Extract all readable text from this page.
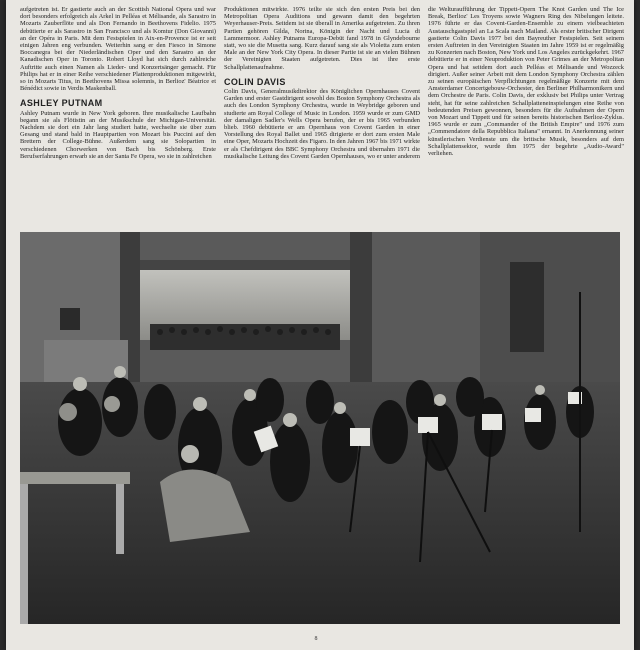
aufgetreten ist. Er gastierte auch an der Scottish National Opera und war dort besonders erfolgreich als Arkel in Pelléas et Mélisande, als Sarastro in Mozarts Zauberflöte und als Don Fernando in Beethovens Fidelio. 1975 debütierte er als Sarastro in San Francisco und als Komtur (Don Giovanni) an der Opéra in Paris. Mit dem Festspielen in Aix-en-Provence ist er seit einigen Jahren eng verbunden. Weiterhin sang er den Fiesco in Simone Boccanegra bei der Niederländischen Oper und den Sarastro an der Kanadischen Oper in Toronto. Robert Lloyd hat sich durch zahlreiche Auftritte auch einen Namen als Lieder- und Konzertsänger gemacht. Für Philips hat er in einer Reihe verschiedener Plattenproduktionen mitgewirkt, so in Mozarts Titus, in Beethovens Missa solemnis, in Berlioz' Béatrice et Bénédict sowie in Verdis Maskenball.

ASHLEY PUTNAM

Ashley Putnam wurde in New York geboren. Ihre musikalische Laufbahn begann sie als Flötistin an der Musikschule der Michigan-Universität. Nachdem sie dort ein Jahr lang studiert hatte, wechselte sie über zum Gesang und stand bald in Hauptpartien von Mozart bis Puccini auf den Brettern der College-Bühne. Außerdem sang sie Solopartien in verschiedenen Chorwerken von Bach bis Schönberg. Erste Berufserfahrungen erwarb sie an der Santa Fe Opera, wo sie in zahlreichen

Produktionen mitwirkte. 1976 teilte sie sich den ersten Preis bei den Metropolitan Opera Auditions und gewann damit den begehrten Weyerhauser-Preis. Seitdem ist sie überall in Amerika aufgetreten. Zu ihren Partien gehören Gilda, Norina, Königin der Nacht und Lucia di Lammermoor. Ashley Putnams Europa-Debüt fand 1978 in Glyndebourne statt, wo sie die Musetta sang. Kurz darauf sang sie als Violetta zum ersten Male an der New York City Opera. In dieser Partie ist sie an vielen Bühnen der Vereinigten Staaten aufgetreten. Dies ist ihre erste Schallplattenaufnahme.

COLIN DAVIS

Colin Davis, Generalmusikdirektor des Königlichen Opernhauses Covent Garden und erster Gastdirigent sowohl des Boston Symphony Orchestra als auch des London Symphony Orchestra, wurde in Weybridge geboren und studierte am Royal College of Music in London. 1959 wurde er zum GMD der damaligen Sadler's Wells Opera berufen, der er bis 1965 verbunden blieb. 1960 debütierte er am Opernhaus von Covent Garden in einer Vorstellung des Royal Ballet und 1965 dirigierte er dort zum ersten Male eine Oper, Mozarts Hochzeit des Figaro. In den Jahren 1967 bis 1971 wirkte er als Chefdirigent des BBC Symphony Orchestra und übernahm 1971 die musikalische Leitung des Covent Garden Opernhauses, wo er unter anderem

die Welturaufführung der Tippett-Opern The Knot Garden und The Ice Break, Berlioz' Les Troyens sowie Wagners Ring des Nibelungen leitete. 1976 führte er das Covent-Garden-Ensemble zu einem vielbeachteten Austauschgastspiel an La Scala nach Mailand. Als erster britischer Dirigent gastierte Colin Davis 1977 bei den Bayreuther Festspielen. Seit seinem ersten Auftreten in den Vereinigten Staaten im Jahre 1959 ist er regelmäßig zu Konzerten nach Boston, New York und Los Angeles zurückgekehrt. 1967 debütierte er in einer Neuproduktion von Peter Grimes an der Metropolitan Opera und hat seitdem dort auch Pelléas et Mélisande und Wozzeck dirigiert. Außer seiner Arbeit mit dem London Symphony Orchestra zählen zu seinen europäischen Verpflichtungen regelmäßige Konzerte mit dem Amsterdamer Concertgebouw-Orchester, den Berliner Philharmonikern und dem Orchestre de Paris. Colin Davis, der exklusiv bei Philips unter Vertrag steht, hat für seine zahlreichen Schallplatteneinspielungen eine Reihe von bedeutenden Preisen gewonnen, besonders für die Aufnahmen der Opern von Mozart und Tippett und für seinen bereits historischen Berlioz-Zyklus. 1965 wurde er zum „Commander of the British Empire" und 1976 zum „Commendatore della Repubblica Italiana" ernannt. In Anerkennung seiner künstlerischen Verdienste um die britische Musik, besonders auf dem Schallplattensektor, wurde ihm 1975 der begehrte „Audio-Award" verliehen.

8
